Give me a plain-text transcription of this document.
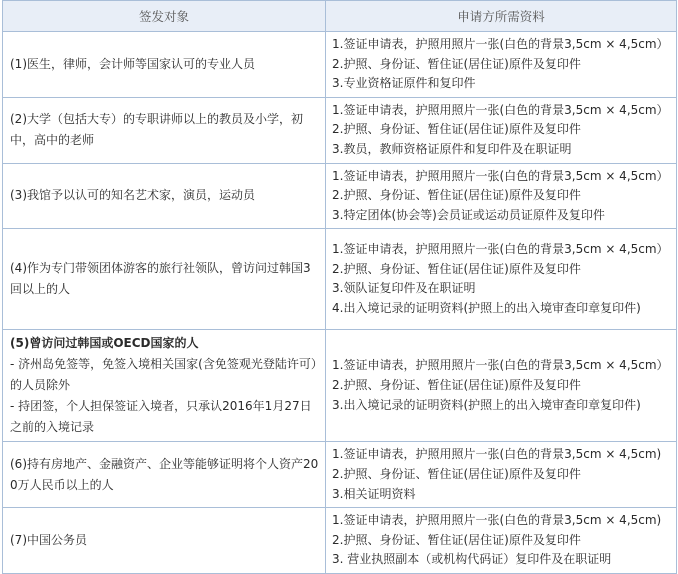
签发对象	申请方所需资料

(1)医生，律师，会计师等国家认可的专业人员	1.签证申请表，护照用照片一张(白色的背景3,5cm × 4,5cm）
2.护照、身份证、暂住证(居住证)原件及复印件
3.专业资格证原件和复印件

(2)大学（包括大专）的专职讲师以上的教员及小学，初中，高中的老师	1.签证申请表，护照用照片一张(白色的背景3,5cm × 4,5cm）
2.护照、身份证、暂住证(居住证)原件及复印件
3.教员，教师资格证原件和复印件及在职证明

(3)我馆予以认可的知名艺术家，演员，运动员	1.签证申请表，护照用照片一张(白色的背景3,5cm × 4,5cm）
2.护照、身份证、暂住证(居住证)原件及复印件
3.特定团体(协会等)会员证或运动员证原件及复印件

(4)作为专门带领团体游客的旅行社领队，曾访问过韩国3回以上的人	1.签证申请表，护照用照片一张(白色的背景3,5cm × 4,5cm）
2.护照、身份证、暂住证(居住证)原件及复印件
3.领队证复印件及在职证明
4.出入境记录的证明资料(护照上的出入境审查印章复印件)

(5)曾访问过韩国或OECD国家的人
- 济州岛免签等，免签入境相关国家(含免签观光登陆许可）的人员除外
- 持团签，个人担保签证入境者，只承认2016年1月27日之前的入境记录	1.签证申请表，护照用照片一张(白色的背景3,5cm × 4,5cm）
2.护照、身份证、暂住证(居住证)原件及复印件
3.出入境记录的证明资料(护照上的出入境审查印章复印件)

(6)持有房地产、金融资产、企业等能够证明将个人资产200万人民币以上的人	1.签证申请表，护照用照片一张(白色的背景3,5cm × 4,5cm)
2.护照、身份证、暂住证(居住证)原件及复印件
3.相关证明资料

(7)中国公务员	1.签证申请表，护照用照片一张(白色的背景3,5cm × 4,5cm)
2.护照、身份证、暂住证(居住证)原件及复印件
3. 营业执照副本（或机构代码证）复印件及在职证明
